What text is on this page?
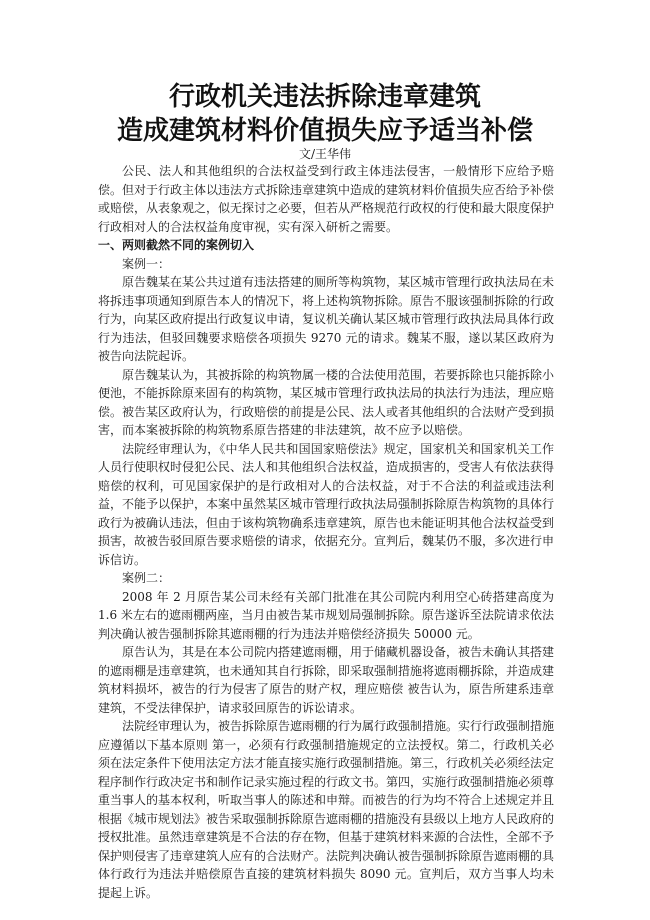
行政机关违法拆除违章建筑
造成建筑材料价值损失应予适当补偿
文/王华伟

公民、法人和其他组织的合法权益受到行政主体违法侵害，一般情形下应给予赔偿。但对于行政主体以违法方式拆除违章建筑中造成的建筑材料价值损失应否给予补偿或赔偿，从表象观之，似无探讨之必要，但若从严格规范行政权的行使和最大限度保护行政相对人的合法权益角度审视，实有深入研析之需要。

一、两则截然不同的案例切入

案例一：

原告魏某在某公共过道有违法搭建的厕所等构筑物，某区城市管理行政执法局在未将拆违事项通知到原告本人的情况下，将上述构筑物拆除。原告不服该强制拆除的行政行为，向某区政府提出行政复议申请，复议机关确认某区城市管理行政执法局具体行政行为违法，但驳回魏要求赔偿各项损失 9270 元的请求。魏某不服，遂以某区政府为被告向法院起诉。

原告魏某认为，其被拆除的构筑物属一楼的合法使用范围，若要拆除也只能拆除小便池，不能拆除原来固有的构筑物，某区城市管理行政执法局的执法行为违法，理应赔偿。被告某区政府认为，行政赔偿的前提是公民、法人或者其他组织的合法财产受到损害，而本案被拆除的构筑物系原告搭建的非法建筑，故不应予以赔偿。

法院经审理认为，《中华人民共和国国家赔偿法》规定，国家机关和国家机关工作人员行使职权时侵犯公民、法人和其他组织合法权益，造成损害的，受害人有依法获得赔偿的权利，可见国家保护的是行政相对人的合法权益，对于不合法的利益或违法利益，不能予以保护，本案中虽然某区城市管理行政执法局强制拆除原告构筑物的具体行政行为被确认违法，但由于该构筑物确系违章建筑，原告也未能证明其他合法权益受到损害，故被告驳回原告要求赔偿的请求，依据充分。宣判后，魏某仍不服，多次进行申诉信访。

案例二：

2008 年 2 月原告某公司未经有关部门批准在其公司院内利用空心砖搭建高度为 1.6 米左右的遮雨棚两座，当月由被告某市规划局强制拆除。原告遂诉至法院请求依法判决确认被告强制拆除其遮雨棚的行为违法并赔偿经济损失 50000 元。

原告认为，其是在本公司院内搭建遮雨棚，用于储藏机器设备，被告未确认其搭建的遮雨棚是违章建筑，也未通知其自行拆除，即采取强制措施将遮雨棚拆除，并造成建筑材料损坏，被告的行为侵害了原告的财产权，理应赔偿 被告认为，原告所建系违章建筑，不受法律保护，请求驳回原告的诉讼请求。

法院经审理认为，被告拆除原告遮雨棚的行为属行政强制措施。实行行政强制措施应遵循以下基本原则 第一，必须有行政强制措施规定的立法授权。第二，行政机关必须在法定条件下使用法定方法才能直接实施行政强制措施。第三，行政机关必须经法定程序制作行政决定书和制作记录实施过程的行政文书。第四，实施行政强制措施必须尊重当事人的基本权利，听取当事人的陈述和申辩。而被告的行为均不符合上述规定并且根据《城市规划法》被告采取强制拆除原告遮雨棚的措施没有县级以上地方人民政府的授权批准。虽然违章建筑是不合法的存在物，但基于建筑材料来源的合法性，全部不予保护则侵害了违章建筑人应有的合法财产。法院判决确认被告强制拆除原告遮雨棚的具体行政行为违法并赔偿原告直接的建筑材料损失 8090 元。宣判后，双方当事人均未提起上诉。
